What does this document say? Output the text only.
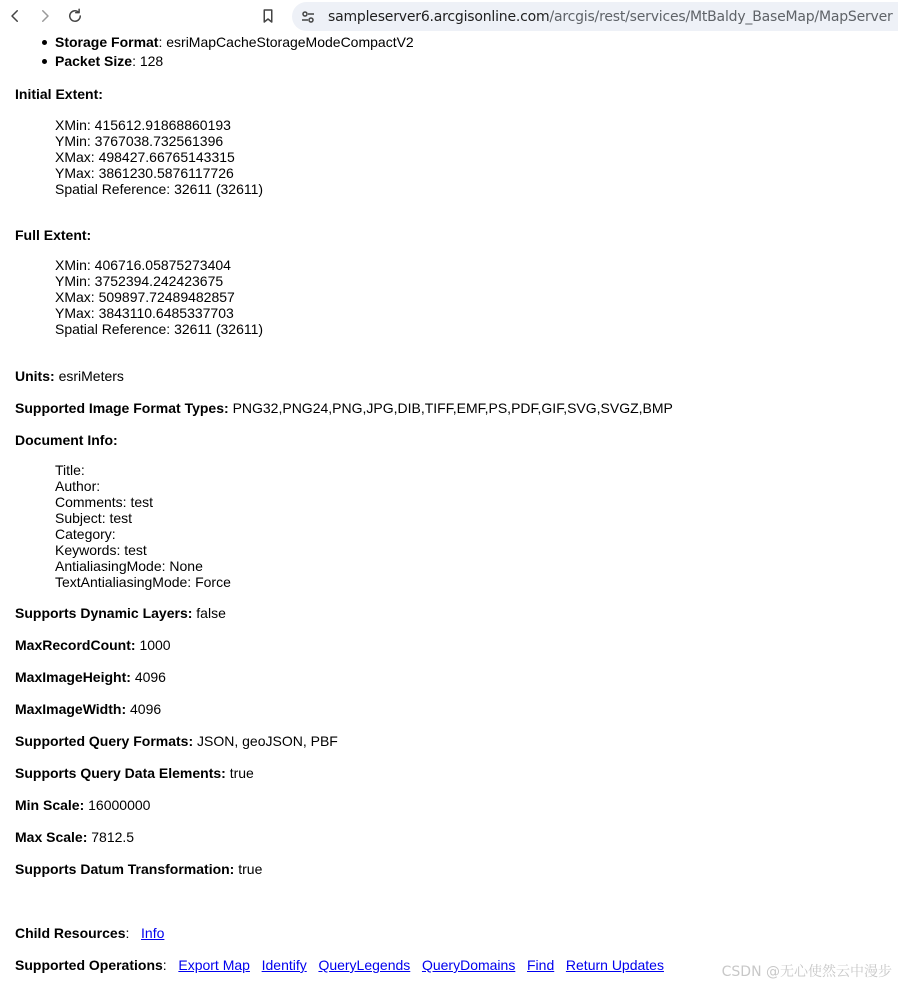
sampleserver6.arcgisonline.com/arcgis/rest/services/MtBaldy_BaseMap/MapServer
Storage Format: esriMapCacheStorageModeCompactV2
Packet Size: 128
Initial Extent:
XMin: 415612.91868860193
YMin: 3767038.732561396
XMax: 498427.66765143315
YMax: 3861230.5876117726
Spatial Reference: 32611 (32611)
Full Extent:
XMin: 406716.05875273404
YMin: 3752394.242423675
XMax: 509897.72489482857
YMax: 3843110.6485337703
Spatial Reference: 32611 (32611)
Units: esriMeters
Supported Image Format Types: PNG32,PNG24,PNG,JPG,DIB,TIFF,EMF,PS,PDF,GIF,SVG,SVGZ,BMP
Document Info:
Title:
Author:
Comments: test
Subject: test
Category:
Keywords: test
AntialiasingMode: None
TextAntialiasingMode: Force
Supports Dynamic Layers: false
MaxRecordCount: 1000
MaxImageHeight: 4096
MaxImageWidth: 4096
Supported Query Formats: JSON, geoJSON, PBF
Supports Query Data Elements: true
Min Scale: 16000000
Max Scale: 7812.5
Supports Datum Transformation: true
Child Resources:   Info
Supported Operations:   Export Map Identify QueryLegends QueryDomains Find Return Updates	CSDN @无心使然云中漫步
